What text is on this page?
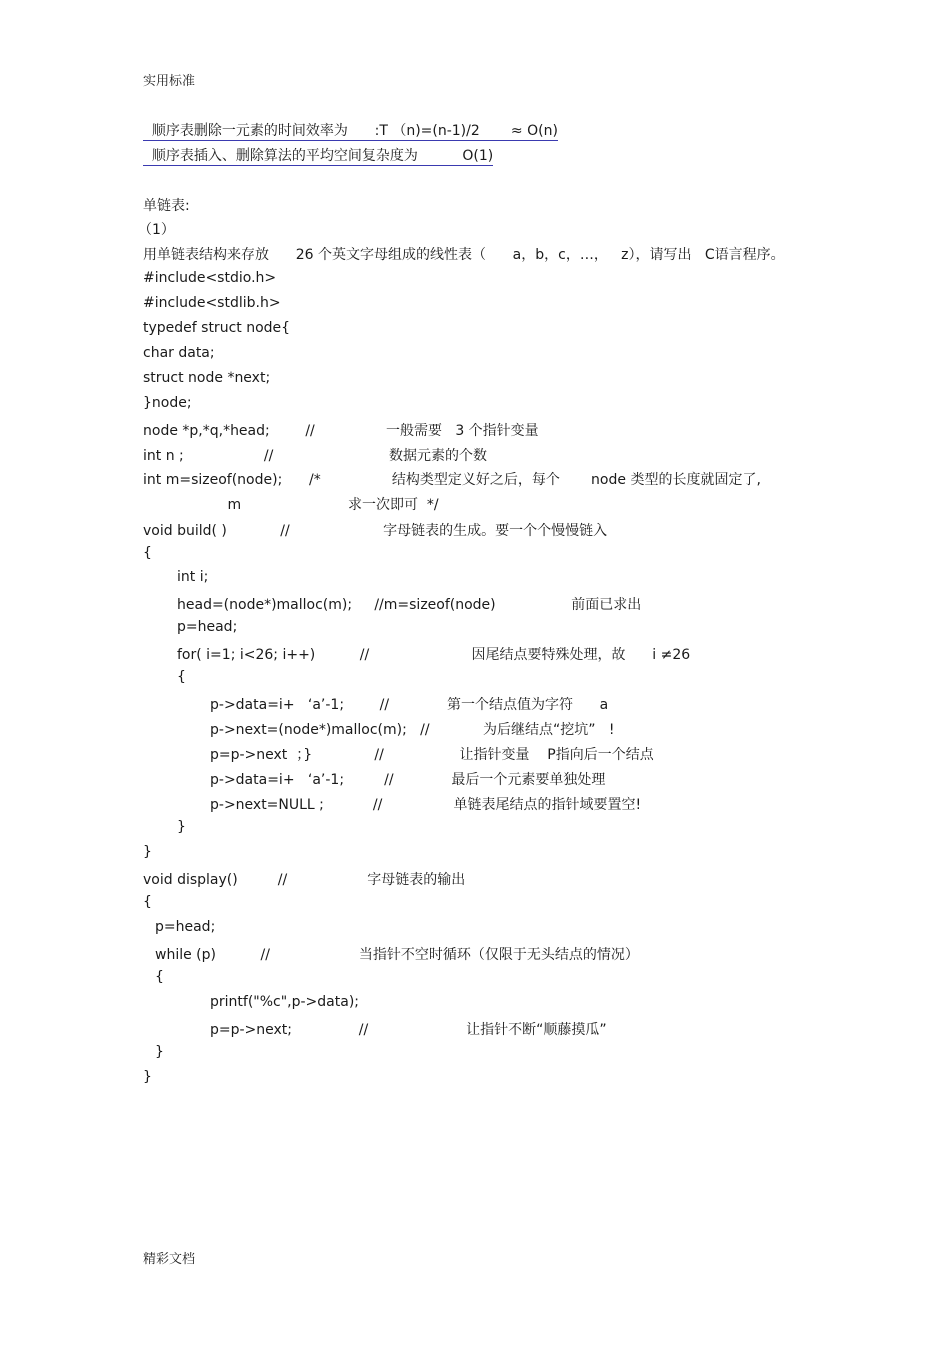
实用标准
顺序表删除一元素的时间效率为      :T （n)=(n-1)/2       ≈ O(n)
顺序表插入、删除算法的平均空间复杂度为          O(1)
单链表:
（1）
用单链表结构来存放      26 个英文字母组成的线性表（      a，b，c，…，   z），请写出   C语言程序。
#include<stdio.h>
#include<stdlib.h>
typedef struct node{
char data;
struct node *next;
}node;
node *p,*q,*head;        //                一般需要   3 个指针变量
int n ;                  //                          数据元素的个数
int m=sizeof(node);      /*                结构类型定义好之后，每个       node 类型的长度就固定了,
m                        求一次即可  */
void build( )            //                     字母链表的生成。要一个个慢慢链入
{
int i;
head=(node*)malloc(m);     //m=sizeof(node)                 前面已求出
p=head;
for( i=1; i<26; i++)          //                       因尾结点要特殊处理，故      i ≠26
{
p->data=i+   ‘a’-1;        //             第一个结点值为字符      a
p->next=(node*)malloc(m);   //            为后继结点“挖坑”   !
p=p->next  ；}              //                 让指针变量    P指向后一个结点
p->data=i+   ‘a’-1;         //             最后一个元素要单独处理
p->next=NULL ;           //                单链表尾结点的指针域要置空!
}
}
void display()         //                  字母链表的输出
{
p=head;
while (p)          //                    当指针不空时循环（仅限于无头结点的情况）
{
printf("%c",p->data);
p=p->next;               //                      让指针不断“顺藤摸瓜”
}
}
精彩文档
